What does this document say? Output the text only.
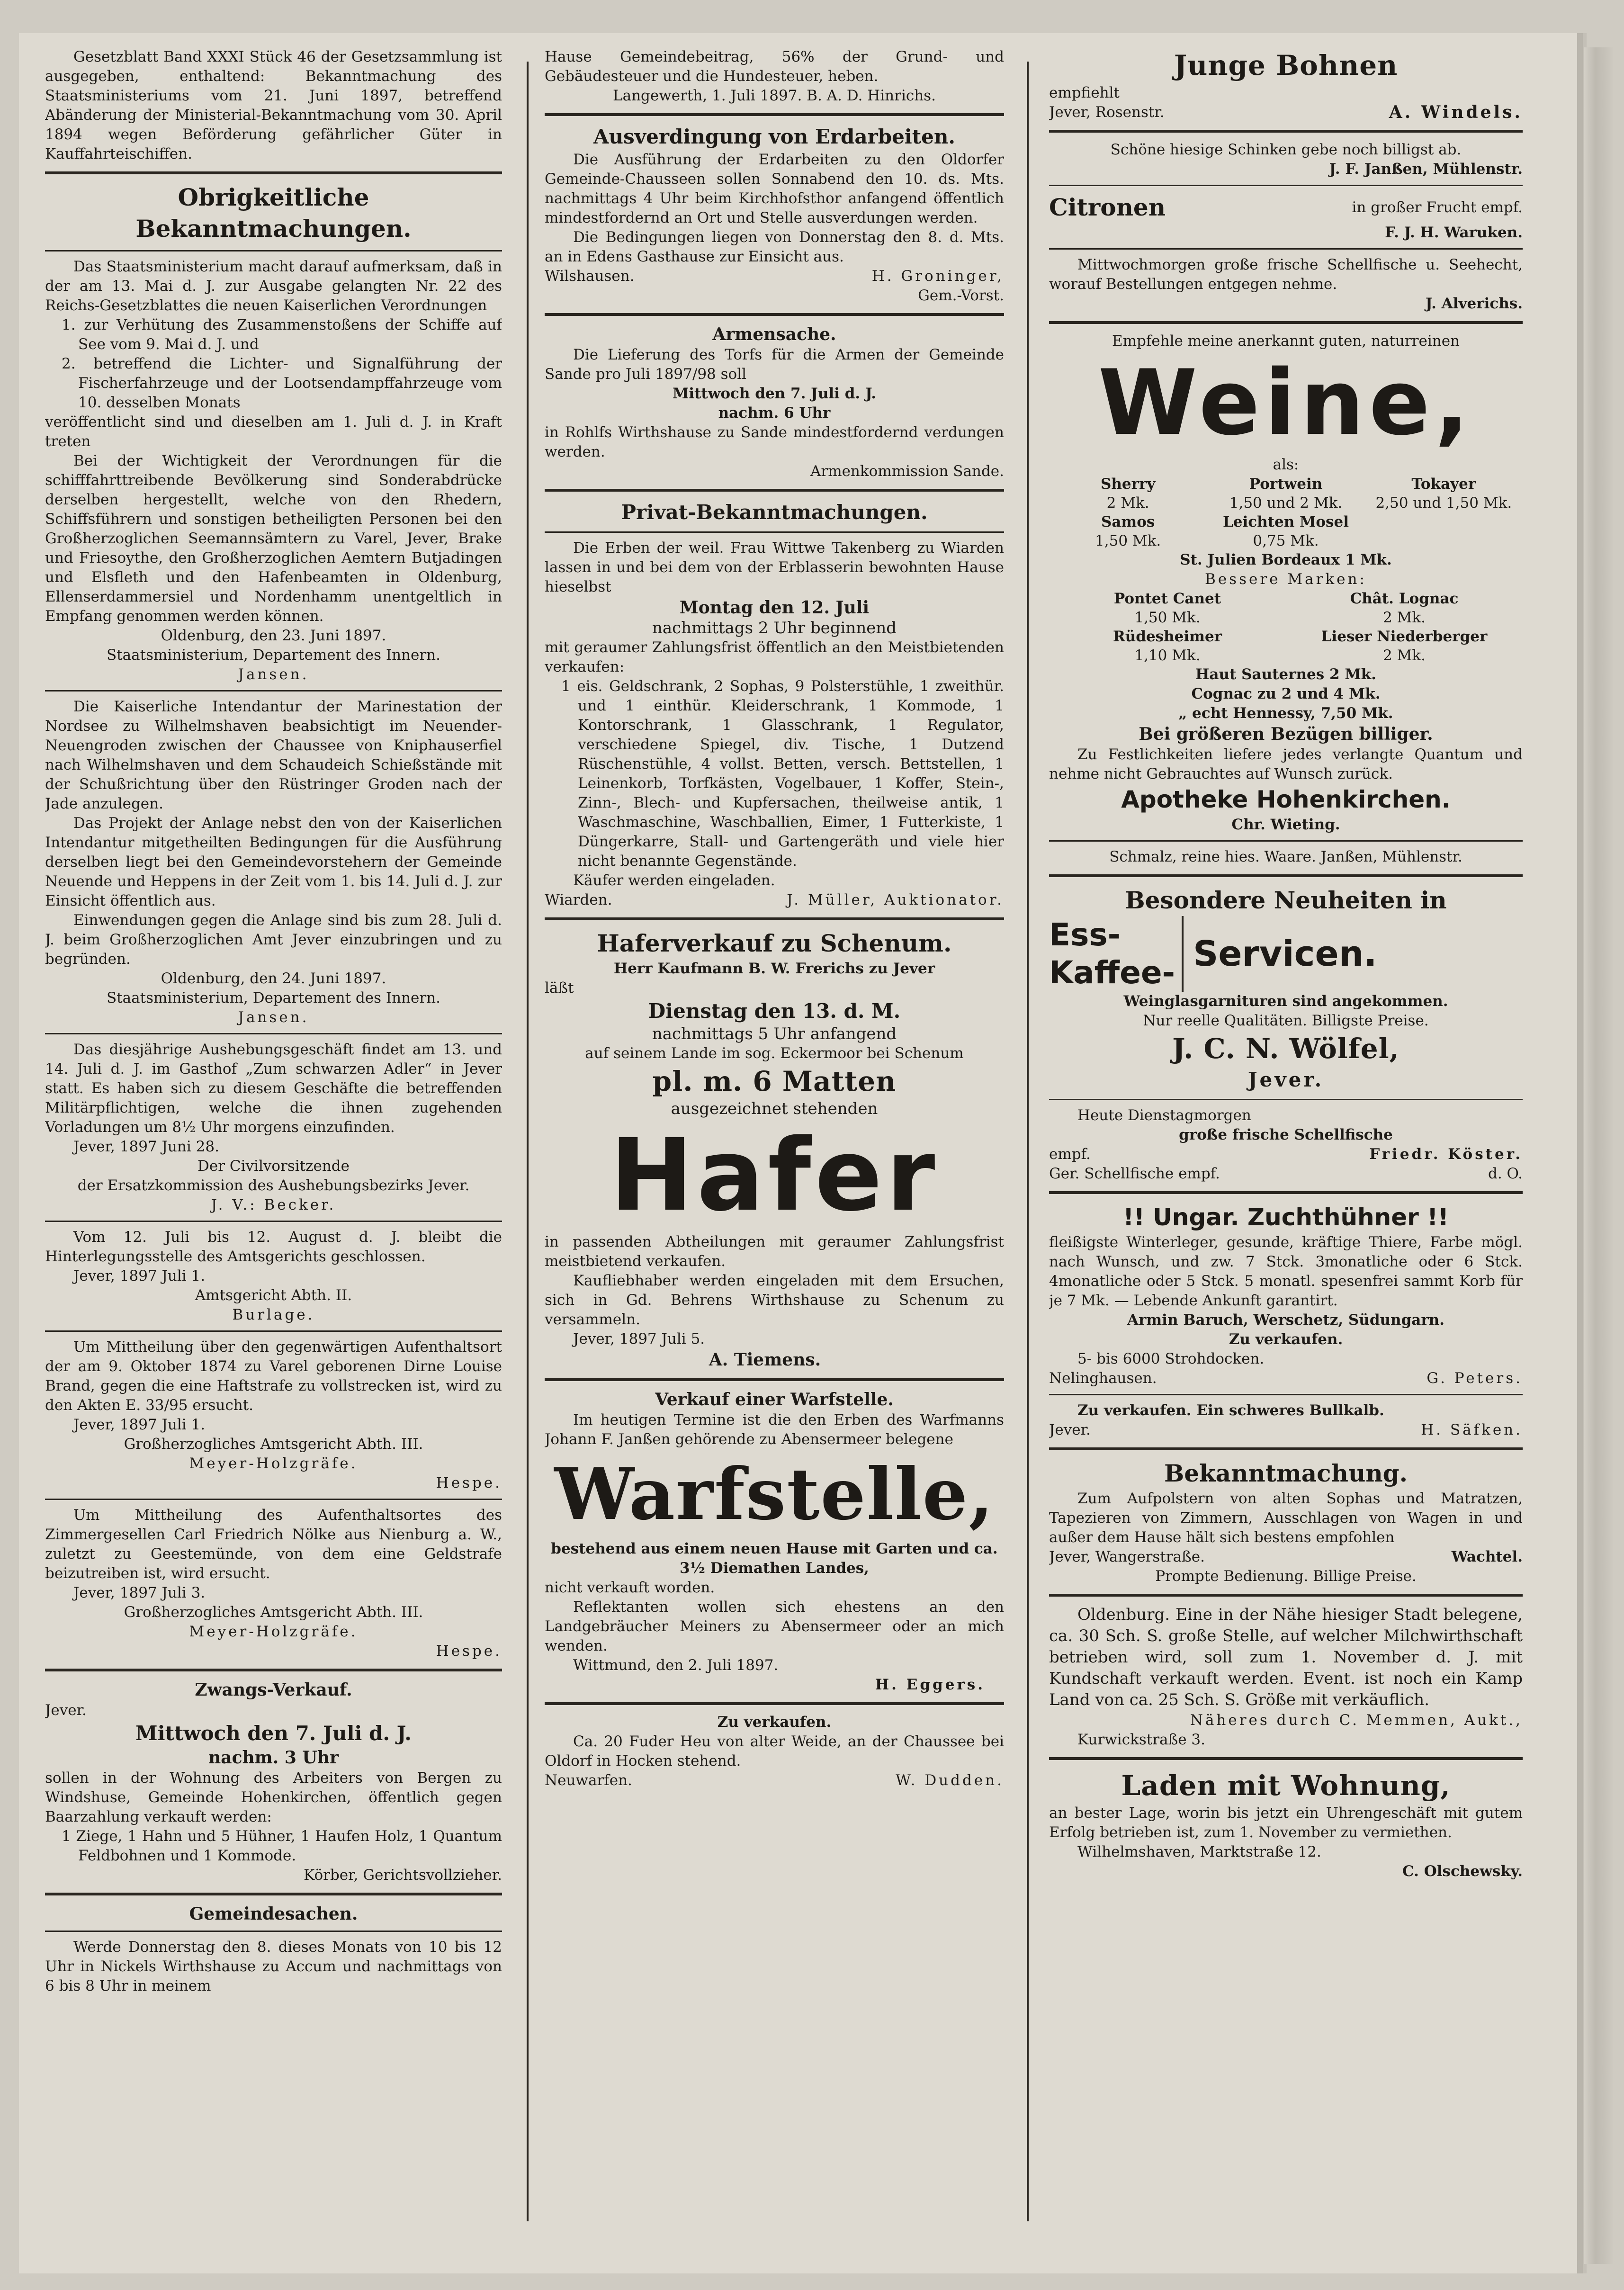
Gesetzblatt Band XXXI Stück 46 der Gesetzsammlung ist ausgegeben, enthaltend: Bekanntmachung des Staatsministeriums vom 21. Juni 1897, betreffend Abänderung der Ministerial-Bekanntmachung vom 30. April 1894 wegen Beförderung gefährlicher Güter in Kauffahrteischiffen.

Obrigkeitliche Bekanntmachungen.

Das Staatsministerium macht darauf aufmerksam, daß in der am 13. Mai d. J. zur Ausgabe gelangten Nr. 22 des Reichs-Gesetzblattes die neuen Kaiserlichen Verordnungen

1. zur Verhütung des Zusammenstoßens der Schiffe auf See vom 9. Mai d. J. und

2. betreffend die Lichter- und Signalführung der Fischerfahrzeuge und der Lootsendampffahrzeuge vom 10. desselben Monats

veröffentlicht sind und dieselben am 1. Juli d. J. in Kraft treten

Bei der Wichtigkeit der Verordnungen für die schifffahrttreibende Bevölkerung sind Sonderabdrücke derselben hergestellt, welche von den Rhedern, Schiffsführern und sonstigen betheiligten Personen bei den Großherzoglichen Seemannsämtern zu Varel, Jever, Brake und Friesoythe, den Großherzoglichen Aemtern Butjadingen und Elsfleth und den Hafenbeamten in Oldenburg, Ellenserdammersiel und Nordenhamm unentgeltlich in Empfang genommen werden können.

Oldenburg, den 23. Juni 1897.

Staatsministerium, Departement des Innern.

Jansen.

Die Kaiserliche Intendantur der Marinestation der Nordsee zu Wilhelmshaven beabsichtigt im Neuender-Neuengroden zwischen der Chaussee von Kniphauserfiel nach Wilhelmshaven und dem Schaudeich Schießstände mit der Schußrichtung über den Rüstringer Groden nach der Jade anzulegen.

Das Projekt der Anlage nebst den von der Kaiserlichen Intendantur mitgetheilten Bedingungen für die Ausführung derselben liegt bei den Gemeindevorstehern der Gemeinde Neuende und Heppens in der Zeit vom 1. bis 14. Juli d. J. zur Einsicht öffentlich aus.

Einwendungen gegen die Anlage sind bis zum 28. Juli d. J. beim Großherzoglichen Amt Jever einzubringen und zu begründen.

Oldenburg, den 24. Juni 1897.

Staatsministerium, Departement des Innern.

Jansen.

Das diesjährige Aushebungsgeschäft findet am 13. und 14. Juli d. J. im Gasthof „Zum schwarzen Adler“ in Jever statt. Es haben sich zu diesem Geschäfte die betreffenden Militärpflichtigen, welche die ihnen zugehenden Vorladungen um 8½ Uhr morgens einzufinden.

Jever, 1897 Juni 28.

Der Civilvorsitzende

der Ersatzkommission des Aushebungsbezirks Jever.

J. V.: Becker.

Vom 12. Juli bis 12. August d. J. bleibt die Hinterlegungsstelle des Amtsgerichts geschlossen.

Jever, 1897 Juli 1.

Amtsgericht Abth. II.

Burlage.

Um Mittheilung über den gegenwärtigen Aufenthaltsort der am 9. Oktober 1874 zu Varel geborenen Dirne Louise Brand, gegen die eine Haftstrafe zu vollstrecken ist, wird zu den Akten E. 33/95 ersucht.

Jever, 1897 Juli 1.

Großherzogliches Amtsgericht Abth. III.

Meyer-Holzgräfe.

Hespe.

Um Mittheilung des Aufenthaltsortes des Zimmergesellen Carl Friedrich Nölke aus Nienburg a. W., zuletzt zu Geestemünde, von dem eine Geldstrafe beizutreiben ist, wird ersucht.

Jever, 1897 Juli 3.

Großherzogliches Amtsgericht Abth. III.

Meyer-Holzgräfe.

Hespe.

Zwangs-Verkauf.

Jever.

Mittwoch den 7. Juli d. J.

nachm. 3 Uhr

sollen in der Wohnung des Arbeiters von Bergen zu Windshuse, Gemeinde Hohenkirchen, öffentlich gegen Baarzahlung verkauft werden:

1 Ziege, 1 Hahn und 5 Hühner, 1 Haufen Holz, 1 Quantum Feldbohnen und 1 Kommode.

Körber, Gerichtsvollzieher.

Gemeindesachen.

Werde Donnerstag den 8. dieses Monats von 10 bis 12 Uhr in Nickels Wirthshause zu Accum und nachmittags von 6 bis 8 Uhr in meinem

Hause Gemeindebeitrag, 56% der Grund- und Gebäudesteuer und die Hundesteuer, heben.

Langewerth, 1. Juli 1897. B. A. D. Hinrichs.

Ausverdingung von Erdarbeiten.

Die Ausführung der Erdarbeiten zu den Oldorfer Gemeinde-Chausseen sollen Sonnabend den 10. ds. Mts. nachmittags 4 Uhr beim Kirchhofsthor anfangend öffentlich mindestfordernd an Ort und Stelle ausverdungen werden.

Die Bedingungen liegen von Donnerstag den 8. d. Mts. an in Edens Gasthause zur Einsicht aus.

Wilshausen.	H. Groninger,

Gem.-Vorst.

Armensache.

Die Lieferung des Torfs für die Armen der Gemeinde Sande pro Juli 1897/98 soll

Mittwoch den 7. Juli d. J.

nachm. 6 Uhr

in Rohlfs Wirthshause zu Sande mindestfordernd verdungen werden.

Armenkommission Sande.

Privat-Bekanntmachungen.

Die Erben der weil. Frau Wittwe Takenberg zu Wiarden lassen in und bei dem von der Erblasserin bewohnten Hause hieselbst

Montag den 12. Juli

nachmittags 2 Uhr beginnend

mit geraumer Zahlungsfrist öffentlich an den Meistbietenden verkaufen:

1 eis. Geldschrank, 2 Sophas, 9 Polsterstühle, 1 zweithür. und 1 einthür. Kleiderschrank, 1 Kommode, 1 Kontorschrank, 1 Glasschrank, 1 Regulator, verschiedene Spiegel, div. Tische, 1 Dutzend Rüschenstühle, 4 vollst. Betten, versch. Bettstellen, 1 Leinenkorb, Torfkästen, Vogelbauer, 1 Koffer, Stein-, Zinn-, Blech- und Kupfersachen, theilweise antik, 1 Waschmaschine, Waschballien, Eimer, 1 Futterkiste, 1 Düngerkarre, Stall- und Gartengeräth und viele hier nicht benannte Gegenstände.

Käufer werden eingeladen.

Wiarden.	J. Müller, Auktionator.

Haferverkauf zu Schenum.

Herr Kaufmann B. W. Frerichs zu Jever

läßt

Dienstag den 13. d. M.

nachmittags 5 Uhr anfangend

auf seinem Lande im sog. Eckermoor bei Schenum

pl. m. 6 Matten

ausgezeichnet stehenden

Hafer

in passenden Abtheilungen mit geraumer Zahlungsfrist meistbietend verkaufen.

Kaufliebhaber werden eingeladen mit dem Ersuchen, sich in Gd. Behrens Wirthshause zu Schenum zu versammeln.

Jever, 1897 Juli 5.

A. Tiemens.

Verkauf einer Warfstelle.

Im heutigen Termine ist die den Erben des Warfmanns Johann F. Janßen gehörende zu Abensermeer belegene

Warfstelle,

bestehend aus einem neuen Hause mit Garten und ca. 3½ Diemathen Landes,

nicht verkauft worden.

Reflektanten wollen sich ehestens an den Landgebräucher Meiners zu Abensermeer oder an mich wenden.

Wittmund, den 2. Juli 1897.

H. Eggers.

Zu verkaufen.

Ca. 20 Fuder Heu von alter Weide, an der Chaussee bei Oldorf in Hocken stehend.

Neuwarfen.	W. Dudden.

Junge Bohnen

empfiehlt

Jever, Rosenstr.	A. Windels.

Schöne hiesige Schinken gebe noch billigst ab.

J. F. Janßen, Mühlenstr.

Citronen	in großer Frucht empf.

F. J. H. Waruken.

Mittwochmorgen große frische Schellfische u. Seehecht, worauf Bestellungen entgegen nehme.

J. Alverichs.

Empfehle meine anerkannt guten, naturreinen

Weine,

als:

Sherry	Portwein	Tokayer
2 Mk.	1,50 und 2 Mk.	2,50 und 1,50 Mk.
Samos	Leichten Mosel
1,50 Mk.	0,75 Mk.

St. Julien Bordeaux 1 Mk.

Bessere Marken:

Pontet Canet	Chât. Lognac
1,50 Mk.	2 Mk.
Rüdesheimer	Lieser Niederberger
1,10 Mk.	2 Mk.

Haut Sauternes 2 Mk.

Cognac zu 2 und 4 Mk.

„ echt Hennessy, 7,50 Mk.

Bei größeren Bezügen billiger.

Zu Festlichkeiten liefere jedes verlangte Quantum und nehme nicht Gebrauchtes auf Wunsch zurück.

Apotheke Hohenkirchen.

Chr. Wieting.

Schmalz, reine hies. Waare. Janßen, Mühlenstr.

Besondere Neuheiten in

Ess-
Kaffee- Servicen.

Weinglasgarnituren sind angekommen.

Nur reelle Qualitäten. Billigste Preise.

J. C. N. Wölfel,

Jever.

Heute Dienstagmorgen

große frische Schellfische

empf.	Friedr. Köster.
Ger. Schellfische empf.	d. O.

!! Ungar. Zuchthühner !!

fleißigste Winterleger, gesunde, kräftige Thiere, Farbe mögl. nach Wunsch, und zw. 7 Stck. 3monatliche oder 6 Stck. 4monatliche oder 5 Stck. 5 monatl. spesenfrei sammt Korb für je 7 Mk. — Lebende Ankunft garantirt.

Armin Baruch, Werschetz, Südungarn.

Zu verkaufen.

5- bis 6000 Strohdocken.

Nelinghausen.	G. Peters.

Zu verkaufen. Ein schweres Bullkalb.

Jever.	H. Säfken.

Bekanntmachung.

Zum Aufpolstern von alten Sophas und Matratzen, Tapezieren von Zimmern, Ausschlagen von Wagen in und außer dem Hause hält sich bestens empfohlen

Jever, Wangerstraße.	Wachtel.

Prompte Bedienung. Billige Preise.

Oldenburg. Eine in der Nähe hiesiger Stadt belegene, ca. 30 Sch. S. große Stelle, auf welcher Milchwirthschaft betrieben wird, soll zum 1. November d. J. mit Kundschaft verkauft werden. Event. ist noch ein Kamp Land von ca. 25 Sch. S. Größe mit verkäuflich.

Näheres durch C. Memmen, Aukt.,

Kurwickstraße 3.

Laden mit Wohnung,

an bester Lage, worin bis jetzt ein Uhrengeschäft mit gutem Erfolg betrieben ist, zum 1. November zu vermiethen.

Wilhelmshaven, Marktstraße 12.

C. Olschewsky.
